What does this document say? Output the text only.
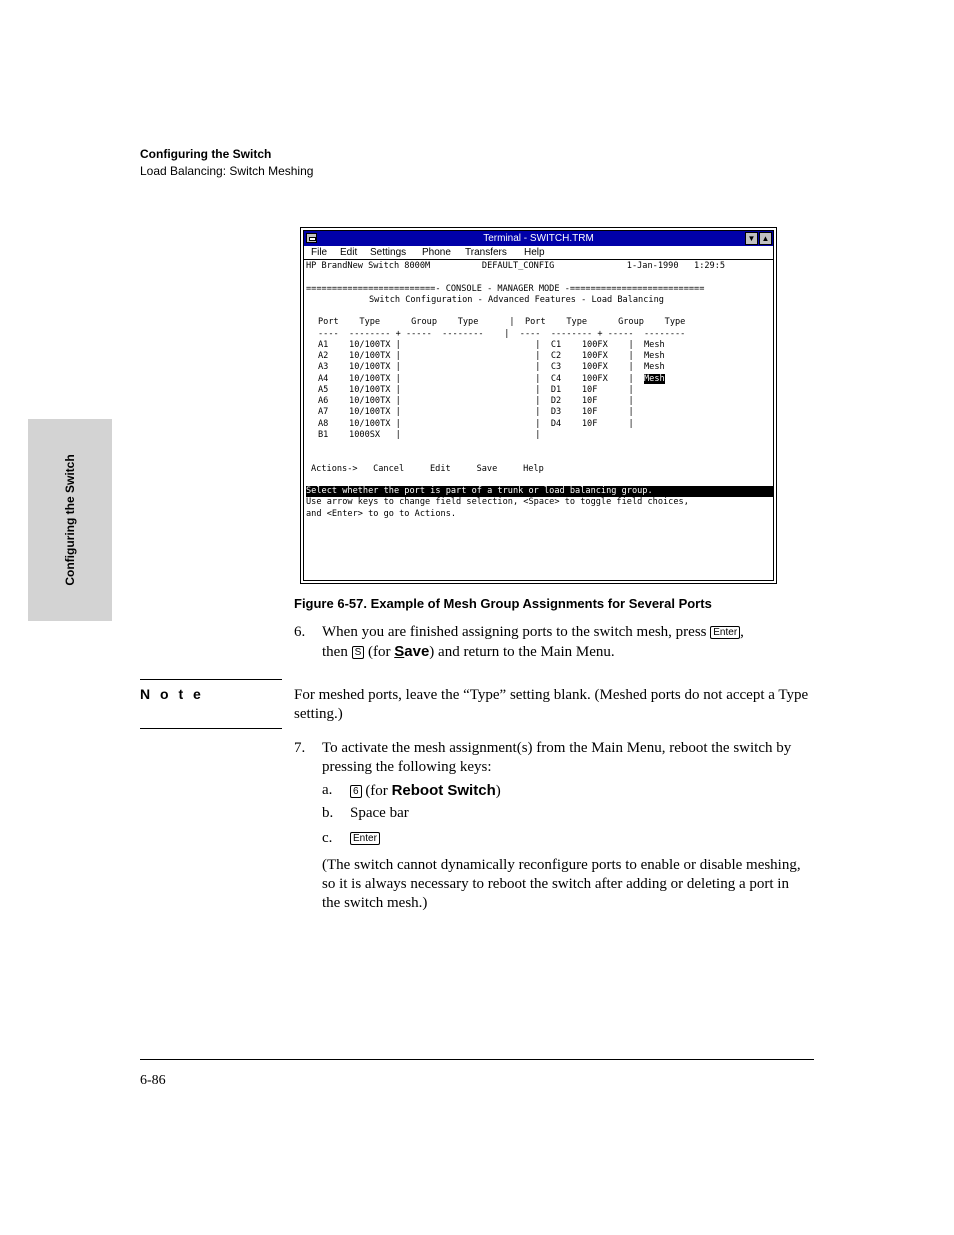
Configuring the Switch
Load Balancing: Switch Meshing
Configuring the Switch
Terminal - SWITCH.TRM	▼ ▲
File Edit Settings Phone Transfers Help
HP BrandNew Switch 8000M          DEFAULT_CONFIG              1-Jan-1990   1:29:5

=========================- CONSOLE - MANAGER MODE -==========================
Switch Configuration - Advanced Features - Load Balancing

Port    Type      Group    Type      |  Port    Type      Group    Type
----  -------- + -----  --------    |  ----  -------- + -----  --------
A1    10/100TX |                          |  C1    100FX    |  Mesh
A2    10/100TX |                          |  C2    100FX    |  Mesh
A3    10/100TX |                          |  C3    100FX    |  Mesh
A4    10/100TX |                          |  C4    100FX    |  Mesh
A5    10/100TX |                          |  D1    10F      |
A6    10/100TX |                          |  D2    10F      |
A7    10/100TX |                          |  D3    10F      |
A8    10/100TX |                          |  D4    10F      |
B1    1000SX   |                          |

Actions->   Cancel     Edit     Save     Help

Select whether the port is part of a trunk or load balancing group.
Use arrow keys to change field selection, <Space> to toggle field choices,
and <Enter> to go to Actions.
Figure 6-57. Example of Mesh Group Assignments for Several Ports
6. When you are finished assigning ports to the switch mesh, press Enter ,
then S (for Save) and return to the Main Menu.
N o t e	For meshed ports, leave the “Type” setting blank. (Meshed ports do not accept a Type setting.)
7. To activate the mesh assignment(s) from the Main Menu, reboot the switch by pressing the following keys:
a.	6 (for Reboot Switch)
b. Space bar
c.	Enter
(The switch cannot dynamically reconfigure ports to enable or disable meshing, so it is always necessary to reboot the switch after adding or deleting a port in the switch mesh.)
6-86
